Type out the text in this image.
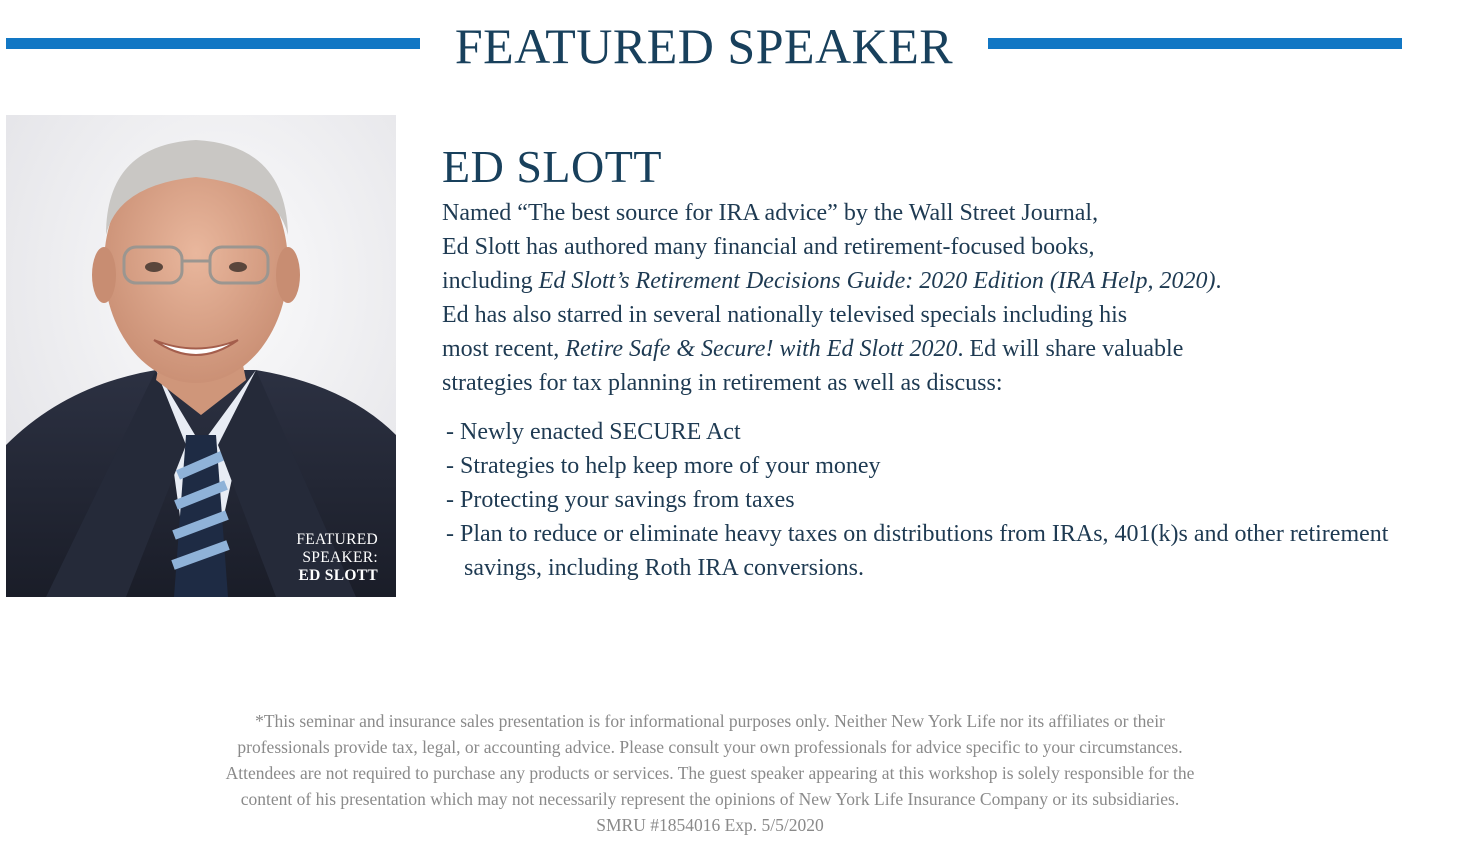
FEATURED SPEAKER
FEATURED
SPEAKER:
ED SLOTT
ED SLOTT

Named “The best source for IRA advice” by the Wall Street Journal,

Ed Slott has authored many financial and retirement-focused books,

including Ed Slott’s Retirement Decisions Guide: 2020 Edition (IRA Help, 2020).

Ed has also starred in several nationally televised specials including his

most recent, Retire Safe & Secure! with Ed Slott 2020. Ed will share valuable

strategies for tax planning in retirement as well as discuss:

- Newly enacted SECURE Act
- Strategies to help keep more of your money
- Protecting your savings from taxes
- Plan to reduce or eliminate heavy taxes on distributions from IRAs, 401(k)s and other retirement savings, including Roth IRA conversions.

*This seminar and insurance sales presentation is for informational purposes only. Neither New York Life nor its affiliates or their

professionals provide tax, legal, or accounting advice. Please consult your own professionals for advice specific to your circumstances.

Attendees are not required to purchase any products or services. The guest speaker appearing at this workshop is solely responsible for the

content of his presentation which may not necessarily represent the opinions of New York Life Insurance Company or its subsidiaries.

SMRU #1854016 Exp. 5/5/2020
